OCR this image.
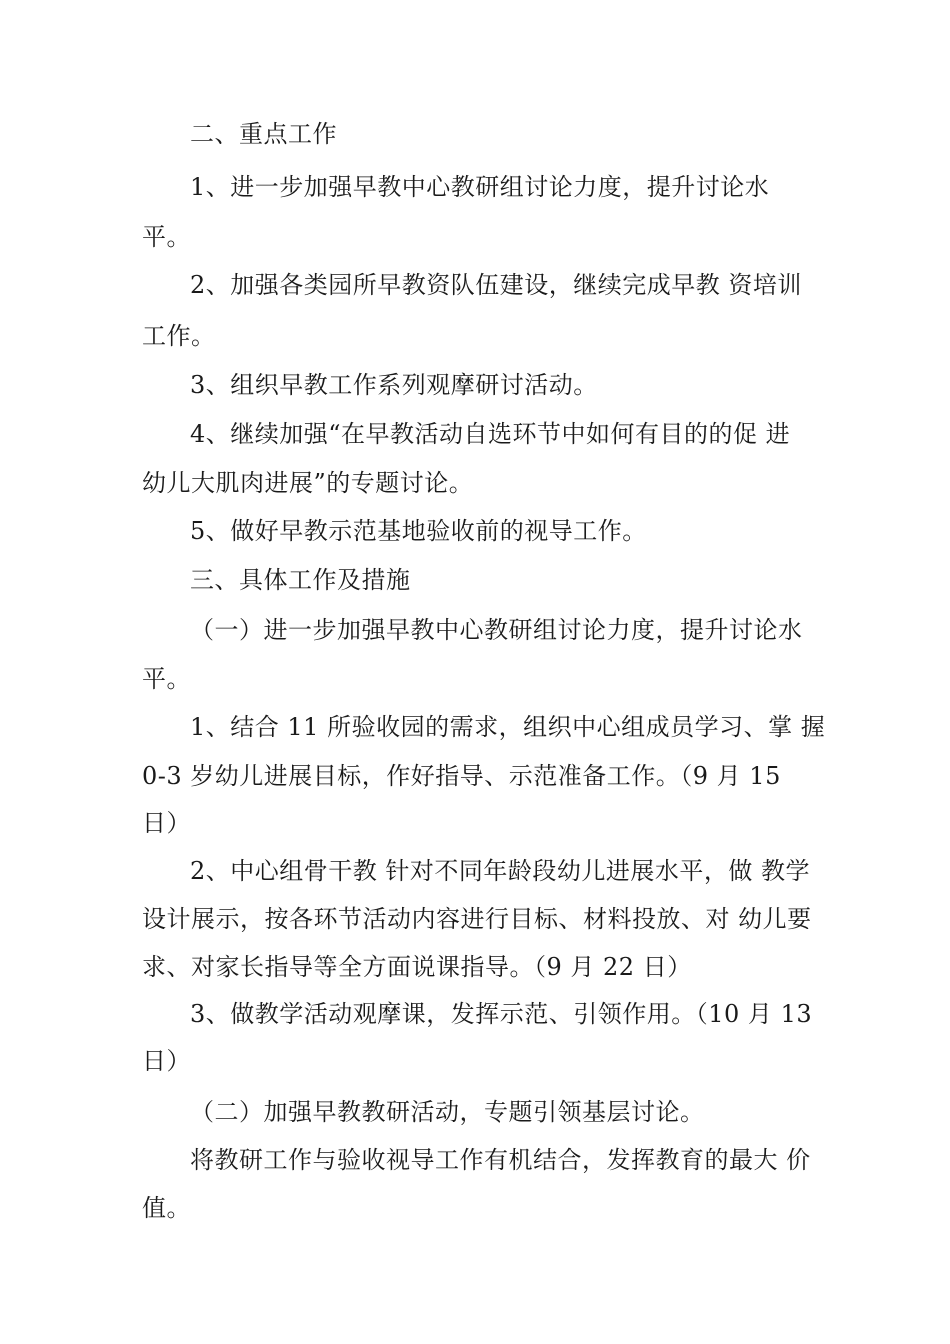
二、重点工作
1、进一步加强早教中心教研组讨论力度，提升讨论水
平。
2、加强各类园所早教资队伍建设，继续完成早教 资培训
工作。
3、组织早教工作系列观摩研讨活动。
4、继续加强“在早教活动自选环节中如何有目的的促 进
幼儿大肌肉进展”的专题讨论。
5、做好早教示范基地验收前的视导工作。
三、具体工作及措施
（一）进一步加强早教中心教研组讨论力度，提升讨论水
平。
1、结合 11 所验收园的需求，组织中心组成员学习、掌 握
0-3 岁幼儿进展目标，作好指导、示范准备工作。（9 月 15
日）
2、中心组骨干教 针对不同年龄段幼儿进展水平，做 教学
设计展示，按各环节活动内容进行目标、材料投放、对 幼儿要
求、对家长指导等全方面说课指导。（9 月 22 日）
3、做教学活动观摩课，发挥示范、引领作用。（10 月 13
日）
（二）加强早教教研活动，专题引领基层讨论。
将教研工作与验收视导工作有机结合，发挥教育的最大 价
值。
